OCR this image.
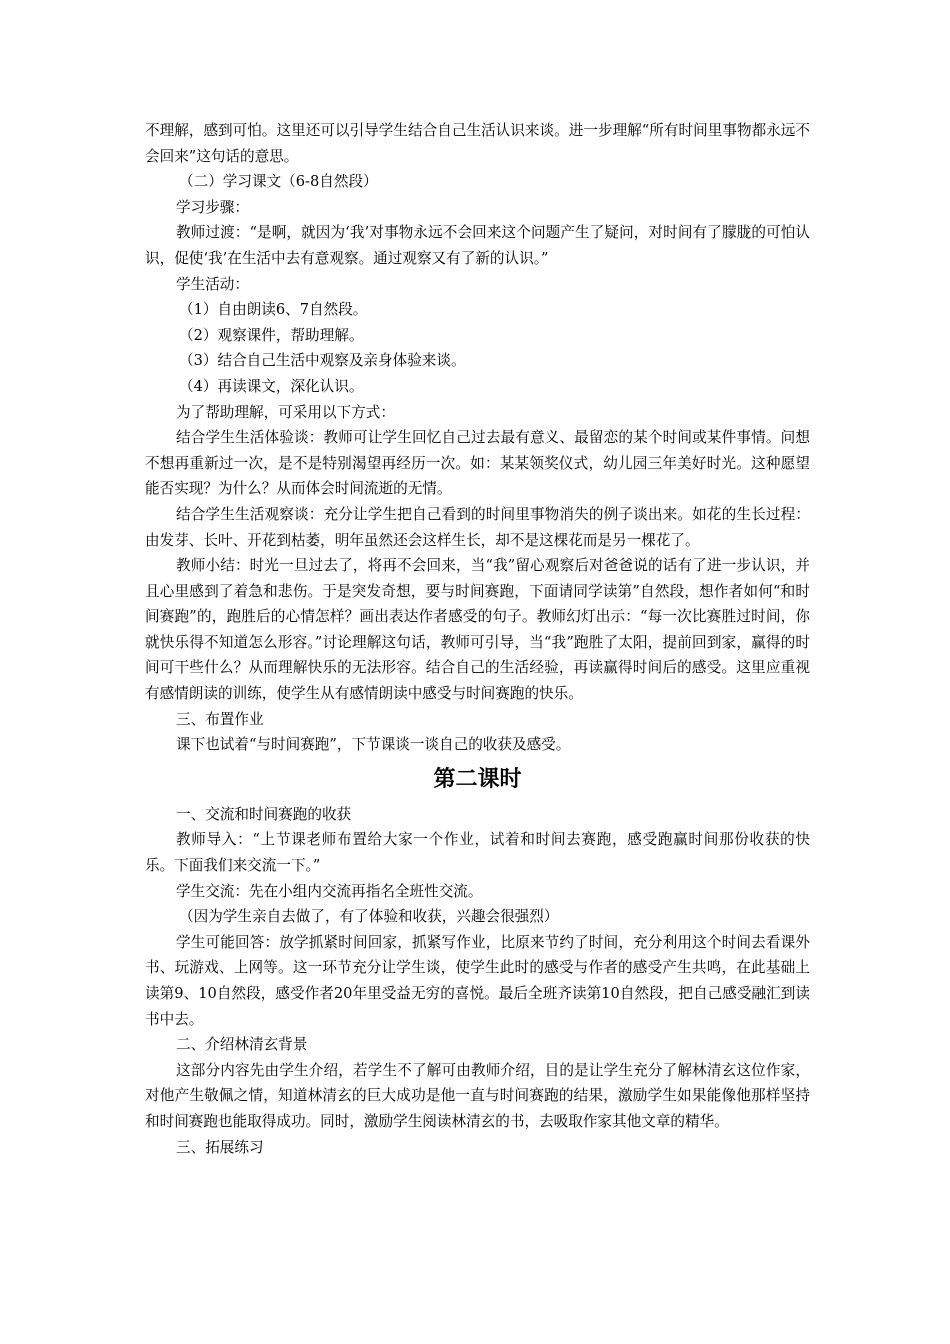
不理解，感到可怕。这里还可以引导学生结合自己生活认识来谈。进一步理解“所有时间里事物都永远不会回来”这句话的意思。

（二）学习课文（6-8自然段）

学习步骤：

教师过渡：“是啊，就因为‘我’对事物永远不会回来这个问题产生了疑问，对时间有了朦胧的可怕认识，促使‘我’在生活中去有意观察。通过观察又有了新的认识。”

学生活动：

（1）自由朗读6、7自然段。

（2）观察课件，帮助理解。

（3）结合自己生活中观察及亲身体验来谈。

（4）再读课文，深化认识。

为了帮助理解，可采用以下方式：

结合学生生活体验谈：教师可让学生回忆自己过去最有意义、最留恋的某个时间或某件事情。问想不想再重新过一次，是不是特别渴望再经历一次。如：某某领奖仪式，幼儿园三年美好时光。这种愿望能否实现？为什么？从而体会时间流逝的无情。

结合学生生活观察谈：充分让学生把自己看到的时间里事物消失的例子谈出来。如花的生长过程：由发芽、长叶、开花到枯萎，明年虽然还会这样生长，却不是这棵花而是另一棵花了。

教师小结：时光一旦过去了，将再不会回来，当“我”留心观察后对爸爸说的话有了进一步认识，并且心里感到了着急和悲伤。于是突发奇想，要与时间赛跑，下面请同学读第”自然段，想作者如何“和时间赛跑”的，跑胜后的心情怎样？画出表达作者感受的句子。教师幻灯出示：“每一次比赛胜过时间，你就快乐得不知道怎么形容。”讨论理解这句话，教师可引导，当“我”跑胜了太阳，提前回到家，赢得的时间可干些什么？从而理解快乐的无法形容。结合自己的生活经验，再读赢得时间后的感受。这里应重视有感情朗读的训练，使学生从有感情朗读中感受与时间赛跑的快乐。

三、布置作业

课下也试着“与时间赛跑”，下节课谈一谈自己的收获及感受。

第二课时

一、交流和时间赛跑的收获

教师导入：“上节课老师布置给大家一个作业，试着和时间去赛跑，感受跑赢时间那份收获的快乐。下面我们来交流一下。”

学生交流：先在小组内交流再指名全班性交流。

（因为学生亲自去做了，有了体验和收获，兴趣会很强烈）

学生可能回答：放学抓紧时间回家，抓紧写作业，比原来节约了时间，充分利用这个时间去看课外书、玩游戏、上网等。这一环节充分让学生谈，使学生此时的感受与作者的感受产生共鸣，在此基础上读第9、10自然段，感受作者20年里受益无穷的喜悦。最后全班齐读第10自然段，把自己感受融汇到读书中去。

二、介绍林清玄背景

这部分内容先由学生介绍，若学生不了解可由教师介绍，目的是让学生充分了解林清玄这位作家，对他产生敬佩之情，知道林清玄的巨大成功是他一直与时间赛跑的结果，激励学生如果能像他那样坚持和时间赛跑也能取得成功。同时，激励学生阅读林清玄的书，去吸取作家其他文章的精华。

三、拓展练习
